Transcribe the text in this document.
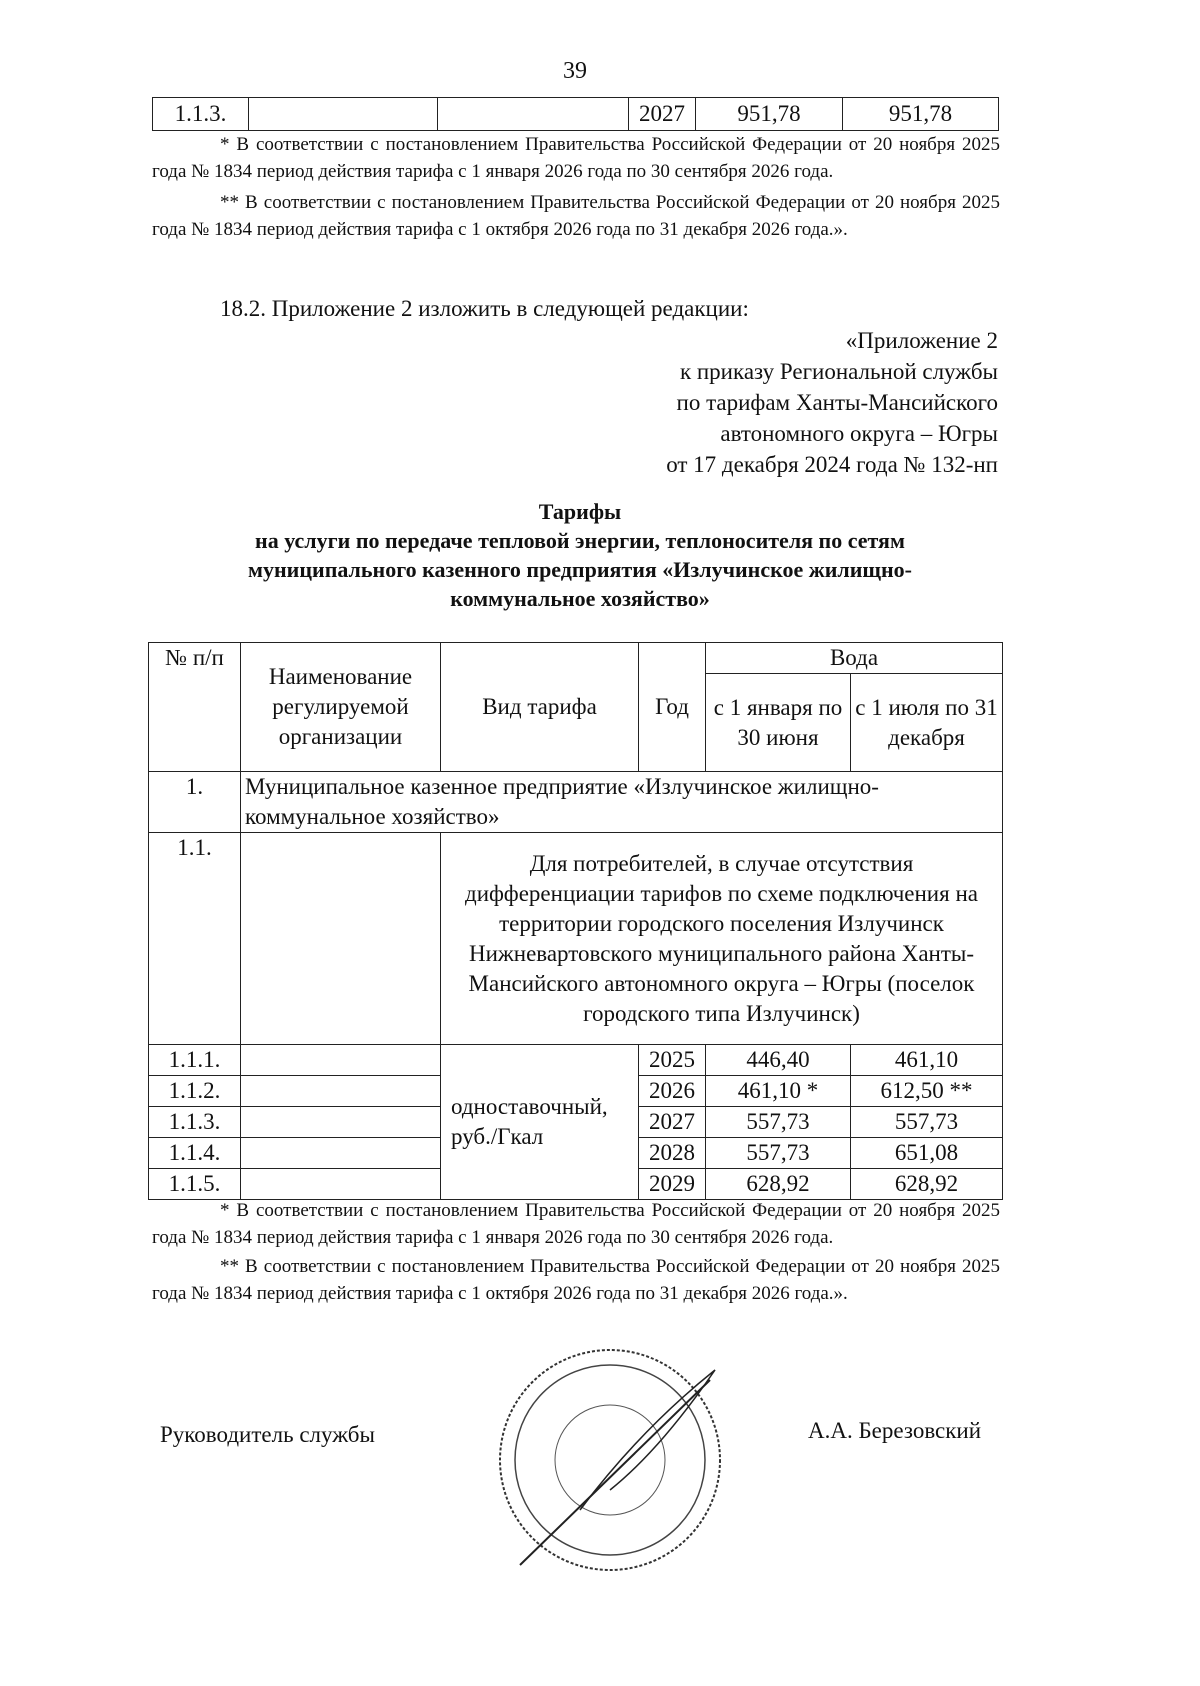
39
1.1.3.			2027	951,78	951,78

* В соответствии с постановлением Правительства Российской Федерации от 20 ноября 2025 года № 1834 период действия тарифа с 1 января 2026 года по 30 сентября 2026 года.

** В соответствии с постановлением Правительства Российской Федерации от 20 ноября 2025 года № 1834 период действия тарифа с 1 октября 2026 года по 31 декабря 2026 года.».

18.2. Приложение 2 изложить в следующей редакции:
«Приложение 2
к приказу Региональной службы
по тарифам Ханты-Мансийского
автономного округа – Югры
от 17 декабря 2024 года № 132-нп
Тарифы
на услуги по передаче тепловой энергии, теплоносителя по сетям
муниципального казенного предприятия «Излучинское жилищно-
коммунальное хозяйство»
№ п/п	Наименование регулируемой организации	Вид тарифа	Год	Вода	
				с 1 января по 30 июня	с 1 июля по 31 декабря
1.	Муниципальное казенное предприятие «Излучинское жилищно-коммунальное хозяйство»				
1.1.		Для потребителей, в случае отсутствия дифференциации тарифов по схеме подключения на территории городского поселения Излучинск Нижневартовского муниципального района Ханты-Мансийского автономного округа – Югры (поселок городского типа Излучинск)			
1.1.1.		одноставочный, руб./Гкал	2025	446,40	461,10
1.1.2.			2026	461,10 *	612,50 **
1.1.3.			2027	557,73	557,73
1.1.4.			2028	557,73	651,08
1.1.5.			2029	628,92	628,92

* В соответствии с постановлением Правительства Российской Федерации от 20 ноября 2025 года № 1834 период действия тарифа с 1 января 2026 года по 30 сентября 2026 года.

** В соответствии с постановлением Правительства Российской Федерации от 20 ноября 2025 года № 1834 период действия тарифа с 1 октября 2026 года по 31 декабря 2026 года.».

Руководитель службы	А.А. Березовский
